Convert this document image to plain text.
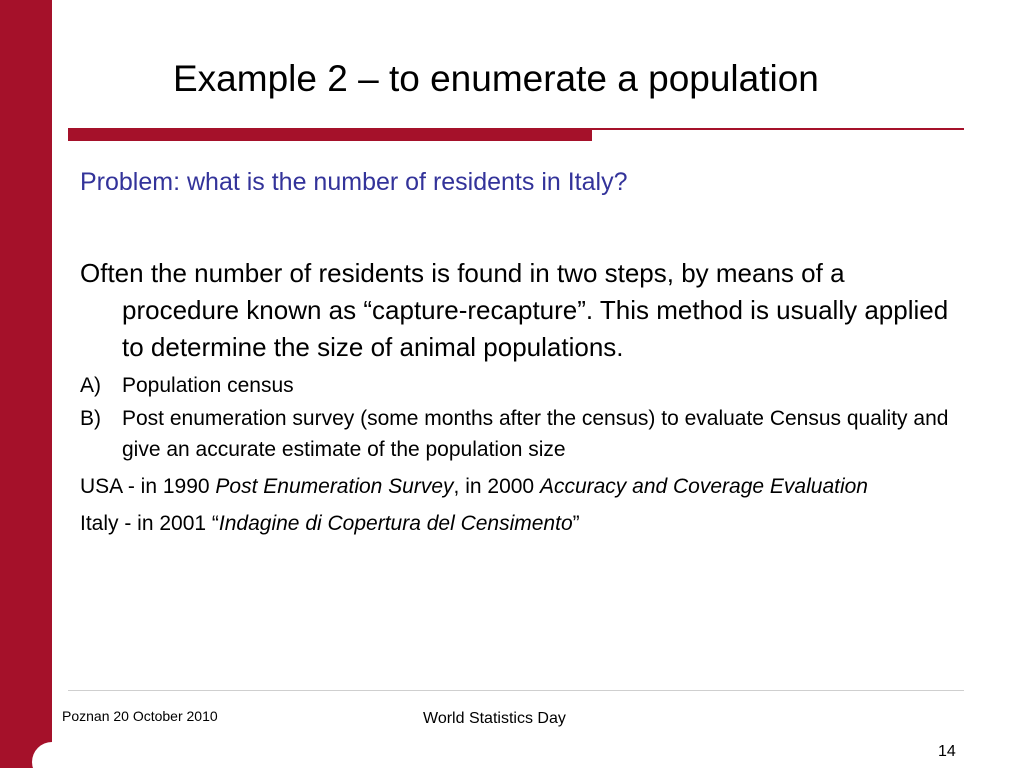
Example 2 – to enumerate a population
Problem: what is the number of residents in Italy?

Often the number of residents is found in two steps, by means of a procedure known as “capture-recapture”. This method is usually applied to determine the size of animal populations.

A) Population census
B) Post enumeration survey (some months after the census) to evaluate Census quality and give an accurate estimate of the population size

USA - in 1990 Post Enumeration Survey, in 2000 Accuracy and Coverage Evaluation

Italy - in 2001 “Indagine di Copertura del Censimento”

Poznan 20 October 2010	World Statistics Day
14
